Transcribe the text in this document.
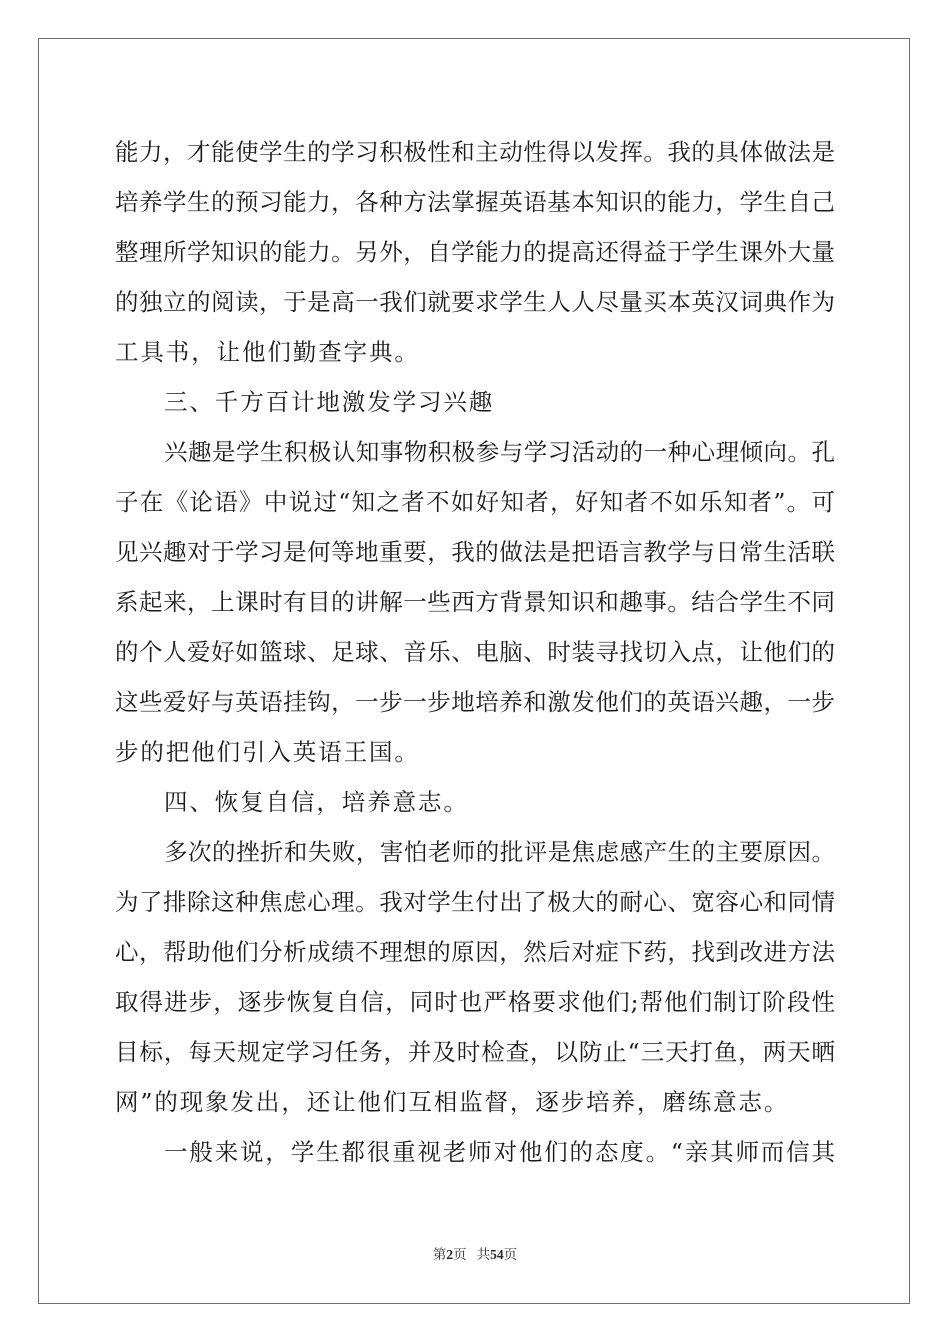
能力，才能使学生的学习积极性和主动性得以发挥。我的具体做法是
培养学生的预习能力，各种方法掌握英语基本知识的能力，学生自己
整理所学知识的能力。另外，自学能力的提高还得益于学生课外大量
的独立的阅读，于是高一我们就要求学生人人尽量买本英汉词典作为
工具书，让他们勤查字典。
三、千方百计地激发学习兴趣
兴趣是学生积极认知事物积极参与学习活动的一种心理倾向。孔
子在《论语》中说过“知之者不如好知者，好知者不如乐知者”。可
见兴趣对于学习是何等地重要，我的做法是把语言教学与日常生活联
系起来，上课时有目的讲解一些西方背景知识和趣事。结合学生不同
的个人爱好如篮球、足球、音乐、电脑、时装寻找切入点，让他们的
这些爱好与英语挂钩，一步一步地培养和激发他们的英语兴趣，一步
步的把他们引入英语王国。
四、恢复自信，培养意志。
多次的挫折和失败，害怕老师的批评是焦虑感产生的主要原因。
为了排除这种焦虑心理。我对学生付出了极大的耐心、宽容心和同情
心，帮助他们分析成绩不理想的原因，然后对症下药，找到改进方法
取得进步，逐步恢复自信，同时也严格要求他们;帮他们制订阶段性
目标，每天规定学习任务，并及时检查，以防止“三天打鱼，两天晒
网”的现象发出，还让他们互相监督，逐步培养，磨练意志。
一般来说，学生都很重视老师对他们的态度。“亲其师而信其
第2页 共54页
